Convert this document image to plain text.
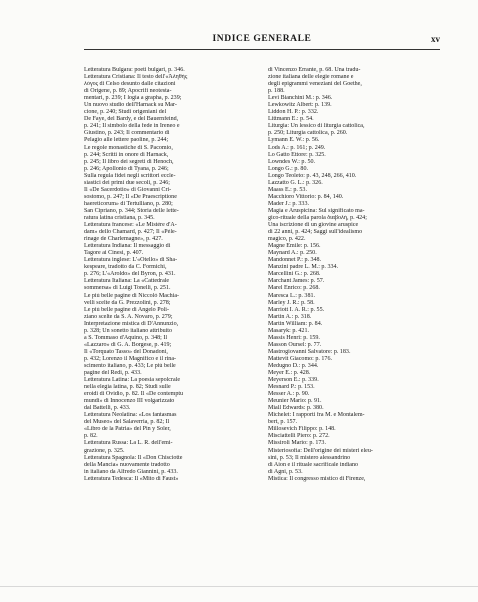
INDICE GENERALE	xv
Letteratura Bulgara: poeti bulgari, p. 346.
Letteratura Cristiana: Il testo dell'«Ἀληθὴς
λόγος di Celso desunto dalle citazioni
di Origene, p. 89; Apocrifi neotesta-
mentari, p. 239; I logia a grapha, p. 239;
Un nuovo studio dell'Harnack su Mar-
cione, p. 240; Studi origeniani del
De Faye, del Bardy, e del Bauernfeind,
p. 241; Il simbolo della fede in Ireneo e
Giustino, p. 243; Il commentario di
Pelagio alle lettere paoline, p. 244;
Le regole monastiche di S. Pacomio,
p. 244; Scritti in onore di Harnack,
p. 245; Il libro dei segreti di Henoch,
p. 246; Apollonio di Tyana, p. 246;
Sulla regula fidei negli scrittori eccle-
siastici dei primi due secoli, p. 246;
Il «De Sacerdotio» di Giovanni Cri-
sostomo, p. 247; Il «De Praescriptione
haereticorum» di Tertulliano, p. 280;
San Cipriano, p. 344; Storia delle lette-
ratura latina cristiana, p. 345.
Letteratura francese: «Le Mistère d'A-
dam» dello Chamard, p. 427; Il «Pèle-
rinage de Charlemagne», p. 427.
Letteratura Indiana: Il messaggio di
Tagore ai Cinesi, p. 407.
Letteratura inglese: L'«Otello» di Sha-
kespeare, tradotto da C. Formichi,
p. 276; L'«Aroldo» del Byron, p. 431.
Letteratura Italiana: La «Cattedrale
sommersa» di Luigi Tonelli, p. 251.
Le più belle pagine di Niccolò Machia-
velli scelte da G. Prezzolini, p. 278;
Le più belle pagine di Angelo Poli-
ziano scelte da S. A. Novaro, p. 279;
Interpretazione mistica di D'Annunzio,
p. 328; Un sonetto italiano attribuito
a S. Tommaso d'Aquino, p. 348; Il
«Lazzaro» di G. A. Borgese, p. 419;
Il «Torquato Tasso» del Donadoni,
p. 432; Lorenzo il Magnifico e il rina-
scimento italiano, p. 433; Le più belle
pagine del Redi, p. 433.
Letteratura Latina: La poesia sepolcrale
nella elegia latina, p. 82; Studi sulle
eroidi di Ovidio, p. 82. Il «De contemptu
mundi» di Innocenzo III volgarizzato
dal Battelli, p. 433.
Letteratura Neolatina: «Los fantasmas
del Museo» del Salaverria, p. 82; Il
«Libro de la Patria» del Pin y Soler,
p. 82.
Letteratura Russa: La L. R. dell'emi-
grazione, p. 325.
Letteratura Spagnola: Il «Don Chisciotte
della Mancia» nuovamente tradotto
in italiano da Alfredo Giannini, p. 433.
Letteratura Tedesca: Il «Mito di Faust»
di Vincenzo Errante, p. 68. Una tradu-
zione italiana delle elegie romane e
degli epigrammi veneziani del Goethe,
p. 188.
Levi Bianchini M.: p. 346.
Lewkowitz Albert: p. 139.
Liddon H. P.: p. 332.
Littmann E.: p. 54.
Liturgia: Un lessico di liturgia cattolica,
p. 250; Liturgia cattolica, p. 260.
Lymann E. W.: p. 56.
Lods A.: p. 161; p. 249.
Lo Gatto Ettore: p. 325.
Lowndes W.: p. 50.
Longo G.: p. 80.
Longo Teoleto: p. 43, 248, 266, 410.
Lazzatto G. L.: p. 326.
Maass E.: p. 53.
Macchioro Vittorio: p. 84, 140.
Mader J.: p. 333.
Magia e Aruspicina: Sul significato ma-
gico-rituale della parola διαβολή, p. 424;
Una iscrizione di un giovine aruspice
di 22 anni, p. 424; Saggi sull'idealismo
magico, p. 422.
Magne Emile: p. 156.
Maynard A.: p. 250.
Mandonnet P.: p. 348.
Manzini padre L. M.: p. 334.
Marcellini G.: p. 268.
Marchant James: p. 57.
Marel Enrico: p. 268.
Maresca L.: p. 381.
Marley J. R.: p. 58.
Marriott I. A. R.: p. 55.
Martin A.: p. 318.
Martin William: p. 84.
Masaryk: p. 421.
Massis Henri: p. 159.
Masson Oursel: p. 77.
Mastrogiovanni Salvatore: p. 183.
Mattevit Giacomo: p. 176.
Medugno D.: p. 344.
Meyer E.: p. 428.
Meyerson E.: p. 339.
Mesnard P.: p. 153.
Messer A.: p. 90.
Meunier Mario: p. 91.
Miall Edwards: p. 380.
Michelet: I rapporti fra M. e Montalem-
bert, p. 157.
Millosevich Filippo: p. 148.
Misciattelli Piero: p. 272.
Missiroli Mario: p. 173.
Misteriosofia: Dell'origine dei misteri eleu-
sini, p. 53; Il mistero alessandrino
di Aion e il rituale sacrificale indiano
di Agni, p. 53.
Mistica: Il congresso mistico di Firenze,
